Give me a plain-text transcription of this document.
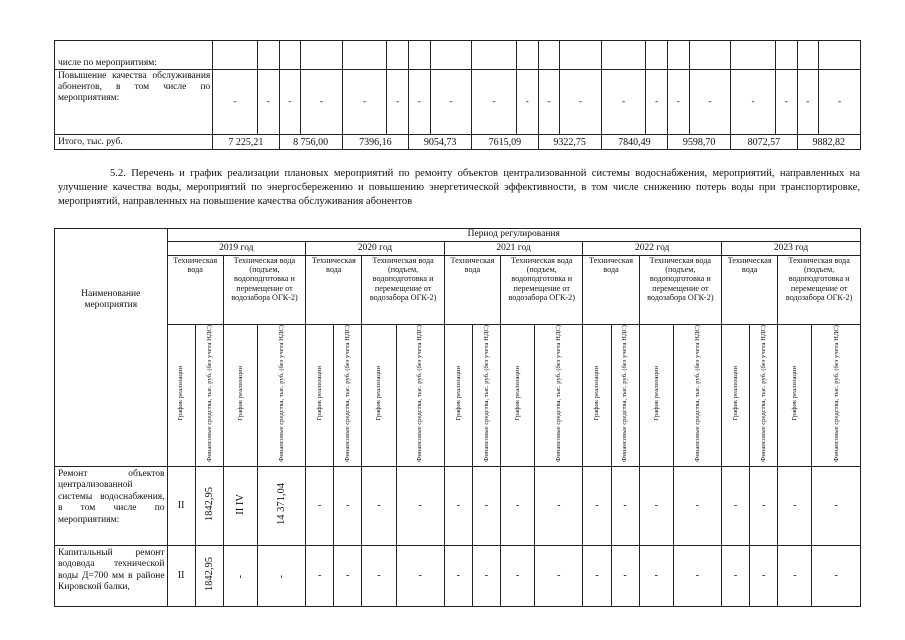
числе по мероприятиям:																				
Повышение качества обслуживания абонентов, в том числе по мероприятиям:	-	-	-	-	-	-	-	-	-	-	-	-	-	-	-	-	-	-	-	-
Итого, тыс. руб.	7 225,21		8 756,00		7396,16		9054,73		7615,09		9322,75		7840,49		9598,70		8072,57		9882,82	
5.2. Перечень и график реализации плановых мероприятий по ремонту объектов централизованной системы водоснабжения, мероприятий, направленных на улучшение качества воды, мероприятий по энергосбережению и повышению энергетической эффективности, в том числе снижению потерь воды при транспортировке, мероприятий, направленных на повышение качества обслуживания абонентов
Наименование мероприятия	Период регулирования																			
	2019 год				2020 год				2021 год				2022 год				2023 год			
	Техническая вода		Техническая вода (подъем, водоподготовка и перемещение от водозабора ОГК-2)		Техническая вода		Техническая вода (подъем, водоподготовка и перемещение от водозабора ОГК-2)		Техническая вода		Техническая вода (подъем, водоподготовка и перемещение от водозабора ОГК-2)		Техническая вода		Техническая вода (подъем, водоподготовка и перемещение от водозабора ОГК-2)		Техническая вода		Техническая вода (подъем, водоподготовка и перемещение от водозабора ОГК-2)	
	График реализации	Финансовые средства, тыс. руб. (без учета НДС)	График реализации	Финансовые средства, тыс. руб. (без учета НДС)	График реализации	Финансовые средства, тыс. руб. (без учета НДС)	График реализации	Финансовые средства, тыс. руб. (без учета НДС)	График реализации	Финансовые средства, тыс. руб. (без учета НДС)	График реализации	Финансовые средства, тыс. руб. (без учета НДС)	График реализации	Финансовые средства, тыс. руб. (без учета НДС)	График реализации	Финансовые средства, тыс. руб. (без учета НДС)	График реализации	Финансовые средства, тыс. руб. (без учета НДС)	График реализации	Финансовые средства, тыс. руб. (без учета НДС)
Ремонт объектов централизованной системы водоснабжения, в том числе по мероприятиям:	II	1842,95	II IV	14 371,04	-	-	-	-	-	-	-	-	-	-	-	-	-	-	-	-
Капитальный ремонт водовода технической воды Д=700 мм в районе Кировской балки,	II	1842,95	-	-	-	-	-	-	-	-	-	-	-	-	-	-	-	-	-	-
